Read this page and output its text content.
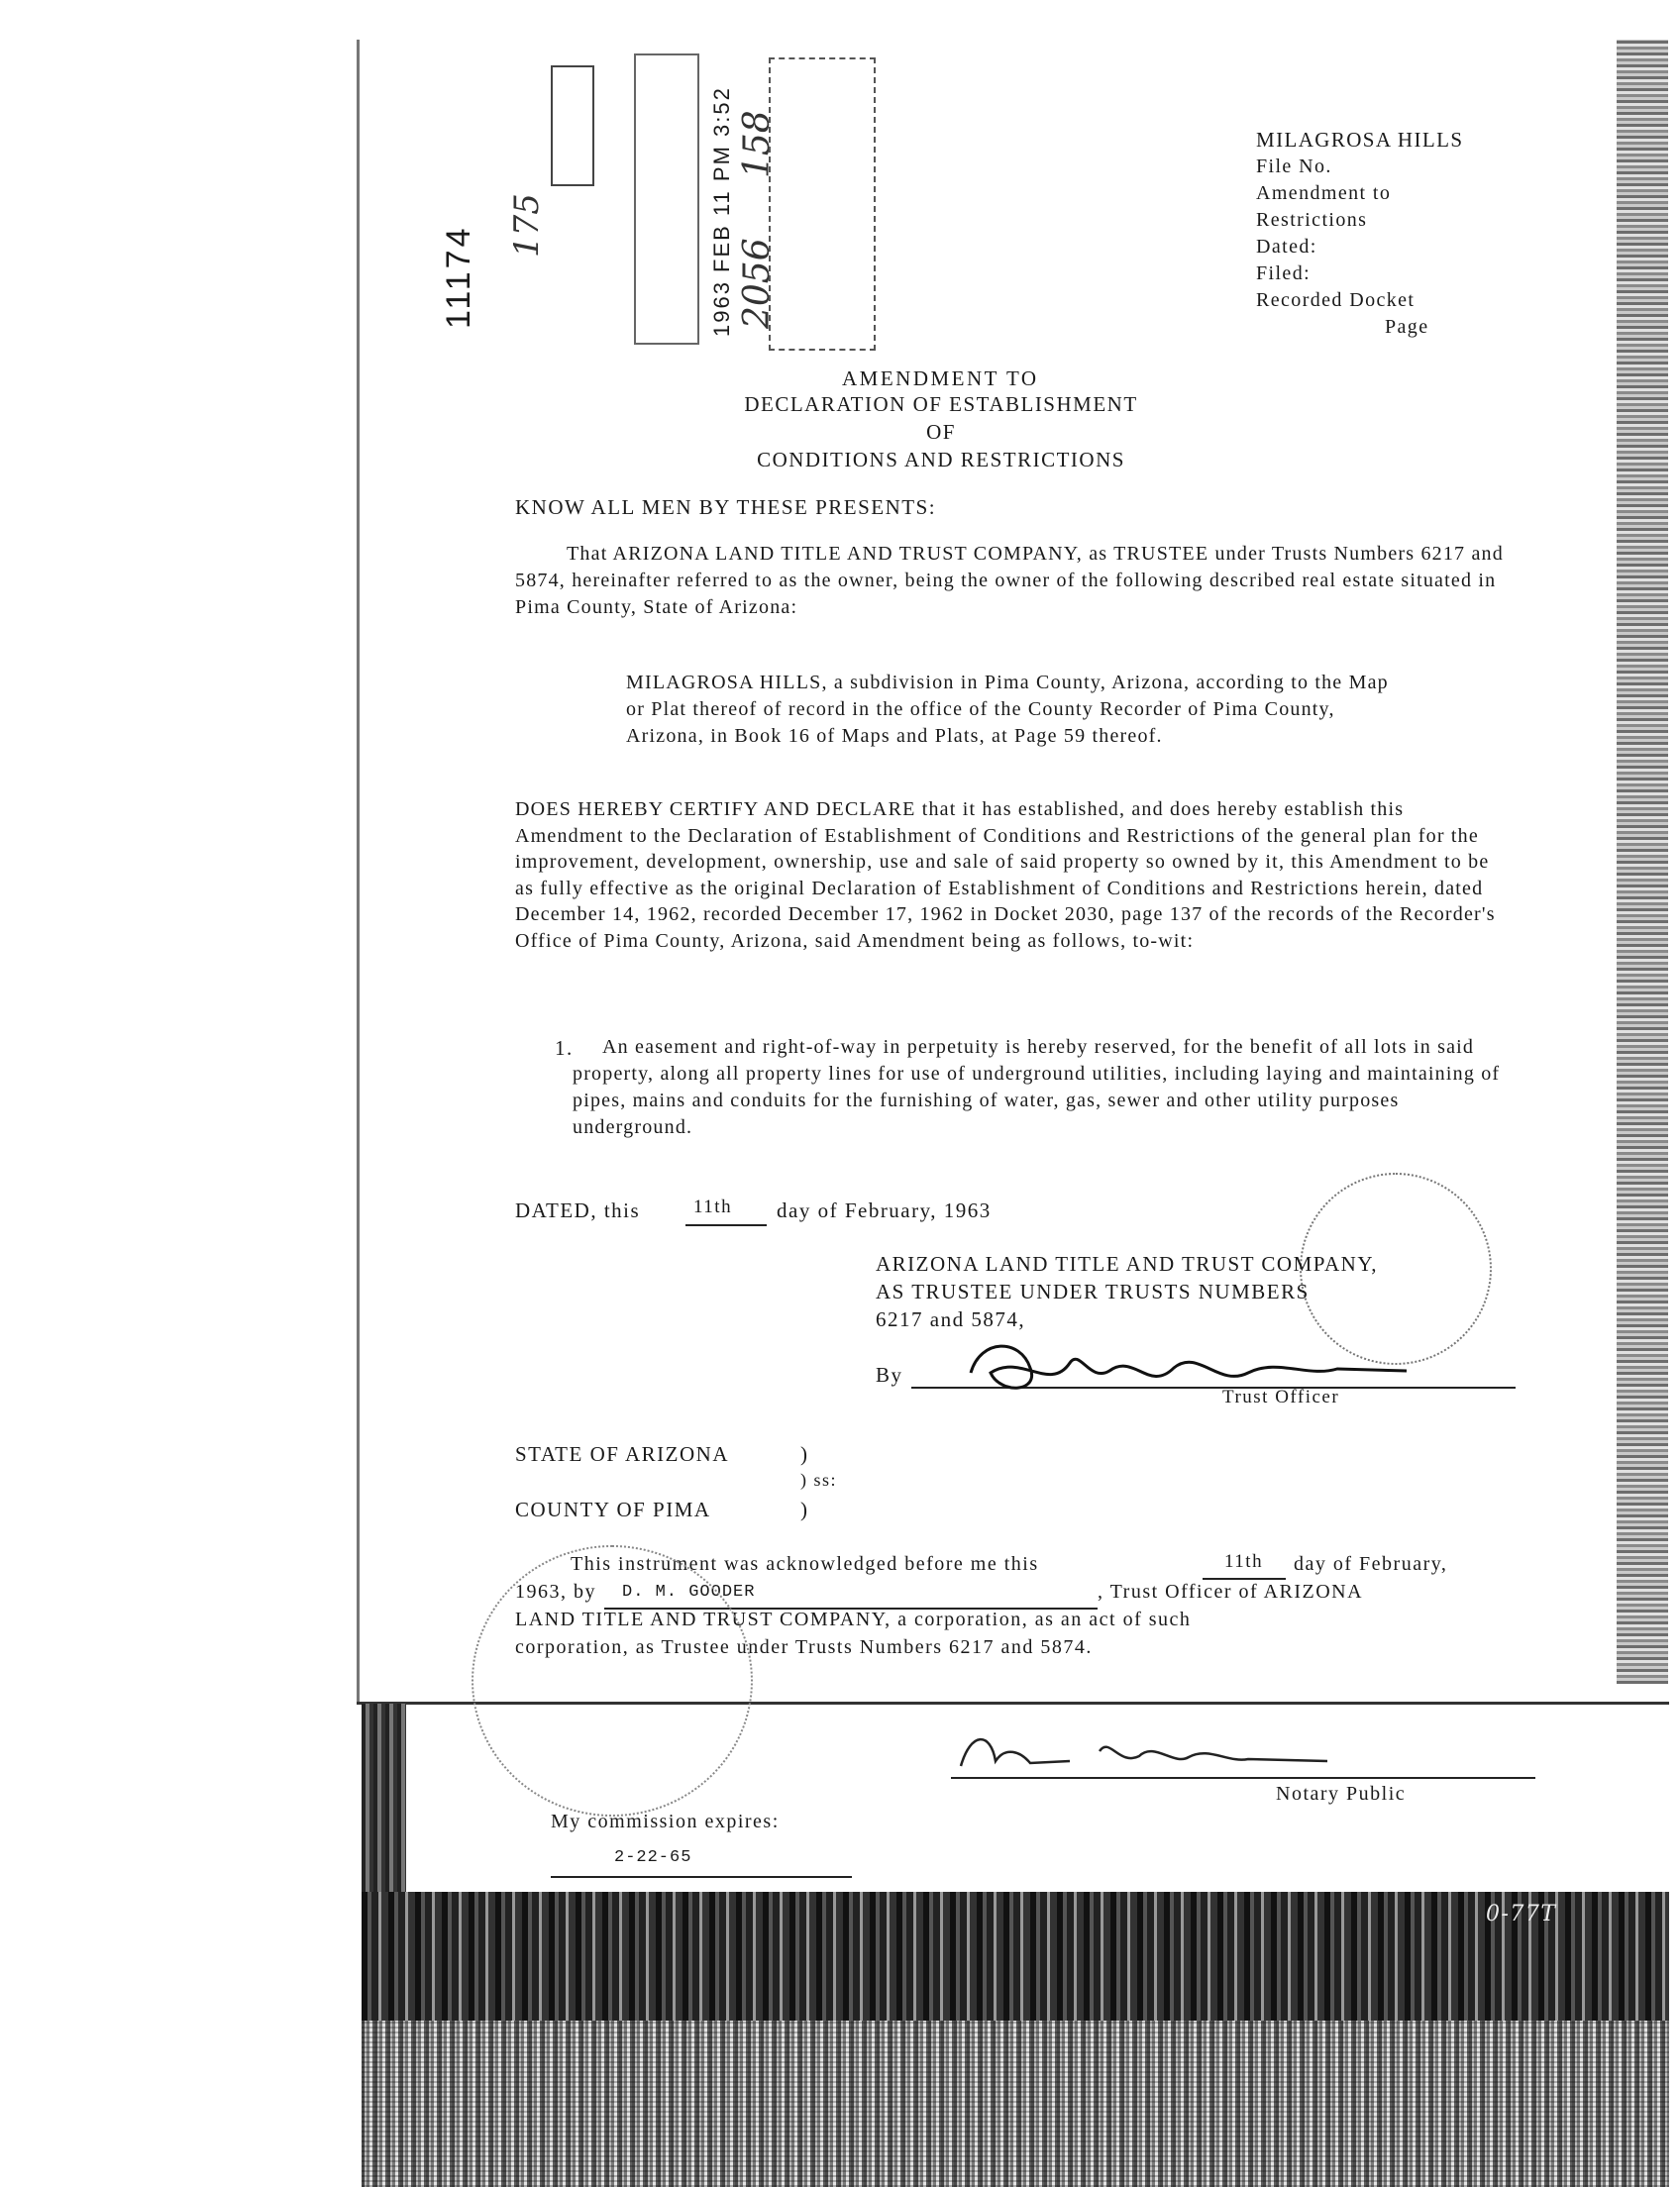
MILAGROSA HILLS
File No.
Amendment to
Restrictions
Dated:
Filed:
Recorded Docket
Page
11174 175	1963 FEB 11 PM 3:52 2056
158
AMENDMENT TO
DECLARATION OF ESTABLISHMENT
OF
CONDITIONS AND RESTRICTIONS
KNOW ALL MEN BY THESE PRESENTS:
That ARIZONA LAND TITLE AND TRUST COMPANY, as TRUSTEE under Trusts Numbers 6217 and 5874, hereinafter referred to as the owner, being the owner of the following described real estate situated in Pima County, State of Arizona:
MILAGROSA HILLS, a subdivision in Pima County, Arizona, according to the Map or Plat thereof of record in the office of the County Recorder of Pima County, Arizona, in Book 16 of Maps and Plats, at Page 59 thereof.
DOES HEREBY CERTIFY AND DECLARE that it has established, and does hereby establish this Amendment to the Declaration of Establishment of Conditions and Restrictions of the general plan for the improvement, development, ownership, use and sale of said property so owned by it, this Amendment to be as fully effective as the original Declaration of Establishment of Conditions and Restrictions herein, dated December 14, 1962, recorded December 17, 1962 in Docket 2030, page 137 of the records of the Recorder's Office of Pima County, Arizona, said Amendment being as follows, to-wit:
1.	An easement and right-of-way in perpetuity is hereby reserved, for the benefit of all lots in said property, along all property lines for use of underground utilities, including laying and maintaining of pipes, mains and conduits for the furnishing of water, gas, sewer and other utility purposes underground.
DATED, this	11th day of February, 1963
ARIZONA LAND TITLE AND TRUST COMPANY,
AS TRUSTEE UNDER TRUSTS NUMBERS
6217 and 5874,
By
Trust Officer
STATE OF ARIZONA	)
) ss:
COUNTY OF PIMA	)
This instrument was acknowledged before me this	11th day of February,
1963, by D. M. GOODER	, Trust Officer of ARIZONA
LAND TITLE AND TRUST COMPANY, a corporation, as an act of such
corporation, as Trustee under Trusts Numbers 6217 and 5874.
Notary Public
My commission expires:
2-22-65
0-77T
